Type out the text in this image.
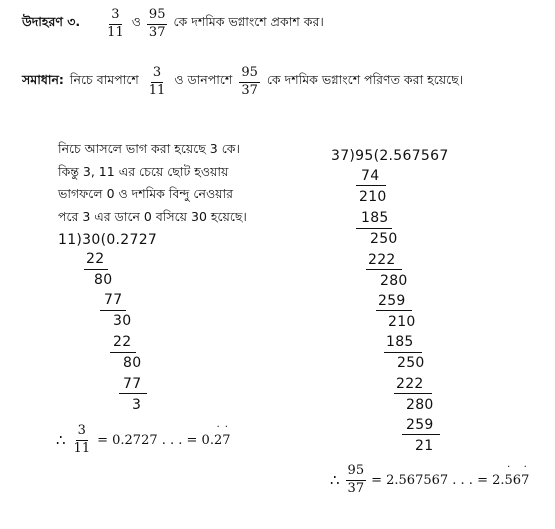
উদাহরণ ৩. $\frac{3}{11}$ ও $\frac{95}{37}$ কে দশমিক ভগ্নাংশে প্রকাশ কর।
সমাধান: নিচে বামপাশে $\frac{3}{11}$ ও ডানপাশে $\frac{95}{37}$ কে দশমিক ভগ্নাংশে পরিণত করা হয়েছে।
নিচে আসলে ভাগ করা হয়েছে 3 কে।
কিন্তু 3, 11 এর চেয়ে ছোট হওয়ায়
ভাগফলে 0 ও দশমিক বিন্দু নেওয়ার
পরে 3 এর ডানে 0 বসিয়ে 30 হয়েছে।
11)30(0.2727
22
80
77
30
22
80
77
3
∴ $\frac{3}{11} = 0.2727$ . . . = 0. 2 ˙ 7 ˙
37)95(2.567567
74
210
185
250
222
280
259
210
185
250
222
280
259
21
∴ $\frac{95}{37} = 2.567567$ . . . = 2. 5 ˙ 6 7 ˙
